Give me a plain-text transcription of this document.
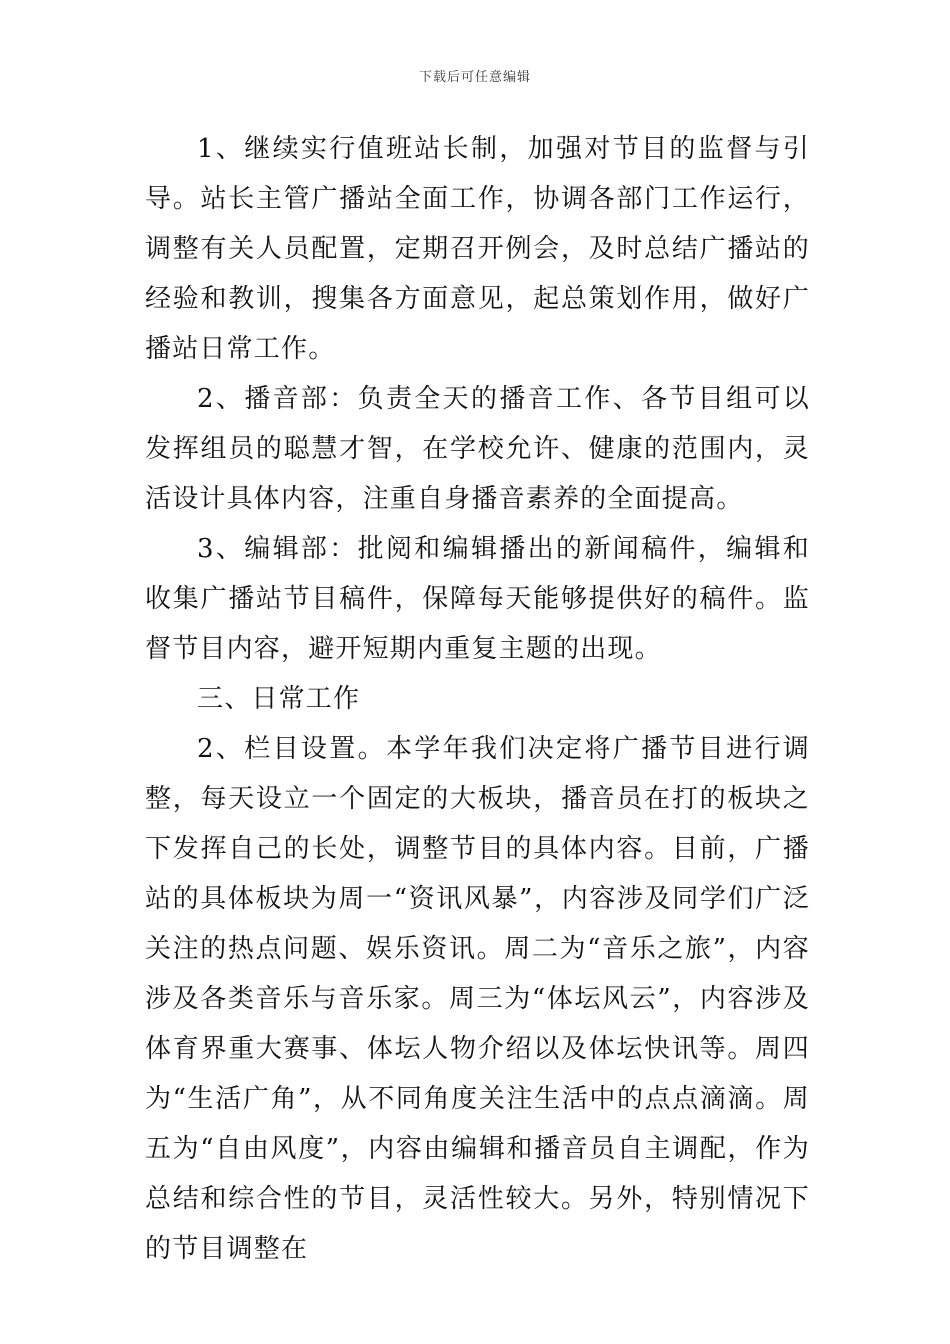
下载后可任意编辑

1、继续实行值班站长制，加强对节目的监督与引导。站长主管广播站全面工作，协调各部门工作运行，调整有关人员配置，定期召开例会，及时总结广播站的经验和教训，搜集各方面意见，起总策划作用，做好广播站日常工作。

2、播音部：负责全天的播音工作、各节目组可以发挥组员的聪慧才智，在学校允许、健康的范围内，灵活设计具体内容，注重自身播音素养的全面提高。

3、编辑部：批阅和编辑播出的新闻稿件，编辑和收集广播站节目稿件，保障每天能够提供好的稿件。监督节目内容，避开短期内重复主题的出现。

三、日常工作

2、栏目设置。本学年我们决定将广播节目进行调整，每天设立一个固定的大板块，播音员在打的板块之下发挥自己的长处，调整节目的具体内容。目前，广播站的具体板块为周一“资讯风暴”，内容涉及同学们广泛关注的热点问题、娱乐资讯。周二为“音乐之旅”，内容涉及各类音乐与音乐家。周三为“体坛风云”，内容涉及体育界重大赛事、体坛人物介绍以及体坛快讯等。周四为“生活广角”，从不同角度关注生活中的点点滴滴。周五为“自由风度”，内容由编辑和播音员自主调配，作为总结和综合性的节目，灵活性较大。另外，特别情况下的节目调整在
